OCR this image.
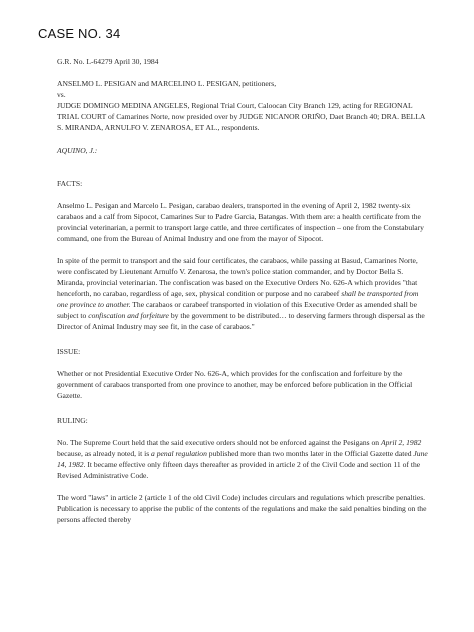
CASE NO. 34

G.R. No. L-64279 April 30, 1984

ANSELMO L. PESIGAN and MARCELINO L. PESIGAN, petitioners,

vs.

JUDGE DOMINGO MEDINA ANGELES, Regional Trial Court, Caloocan City Branch 129, acting for REGIONAL TRIAL COURT of Camarines Norte, now presided over by JUDGE NICANOR ORIÑO, Daet Branch 40; DRA. BELLA S. MIRANDA, ARNULFO V. ZENAROSA, ET AL., respondents.

AQUINO, J.:

FACTS:

Anselmo L. Pesigan and Marcelo L. Pesigan, carabao dealers, transported in the evening of April 2, 1982 twenty-six carabaos and a calf from Sipocot, Camarines Sur to Padre Garcia, Batangas. With them are: a health certificate from the provincial veterinarian, a permit to transport large cattle, and three certificates of inspection – one from the Constabulary command, one from the Bureau of Animal Industry and one from the mayor of Sipocot.

In spite of the permit to transport and the said four certificates, the carabaos, while passing at Basud, Camarines Norte, were confiscated by Lieutenant Arnulfo V. Zenarosa, the town's police station commander, and by Doctor Bella S. Miranda, provincial veterinarian. The confiscation was based on the Executive Orders No. 626-A which provides "that henceforth, no carabao, regardless of age, sex, physical condition or purpose and no carabeef shall be transported from one province to another. The carabaos or carabeef transported in violation of this Executive Order as amended shall be subject to confiscation and forfeiture by the government to be distributed… to deserving farmers through dispersal as the Director of Animal Industry may see fit, in the case of carabaos."

ISSUE:

Whether or not Presidential Executive Order No. 626-A, which provides for the confiscation and forfeiture by the government of carabaos transported from one province to another, may be enforced before publication in the Official Gazette.

RULING:

No. The Supreme Court held that the said executive orders should not be enforced against the Pesigans on April 2, 1982 because, as already noted, it is a penal regulation published more than two months later in the Official Gazette dated June 14, 1982. It became effective only fifteen days thereafter as provided in article 2 of the Civil Code and section 11 of the Revised Administrative Code.

The word "laws" in article 2 (article 1 of the old Civil Code) includes circulars and regulations which prescribe penalties. Publication is necessary to apprise the public of the contents of the regulations and make the said penalties binding on the persons affected thereby
